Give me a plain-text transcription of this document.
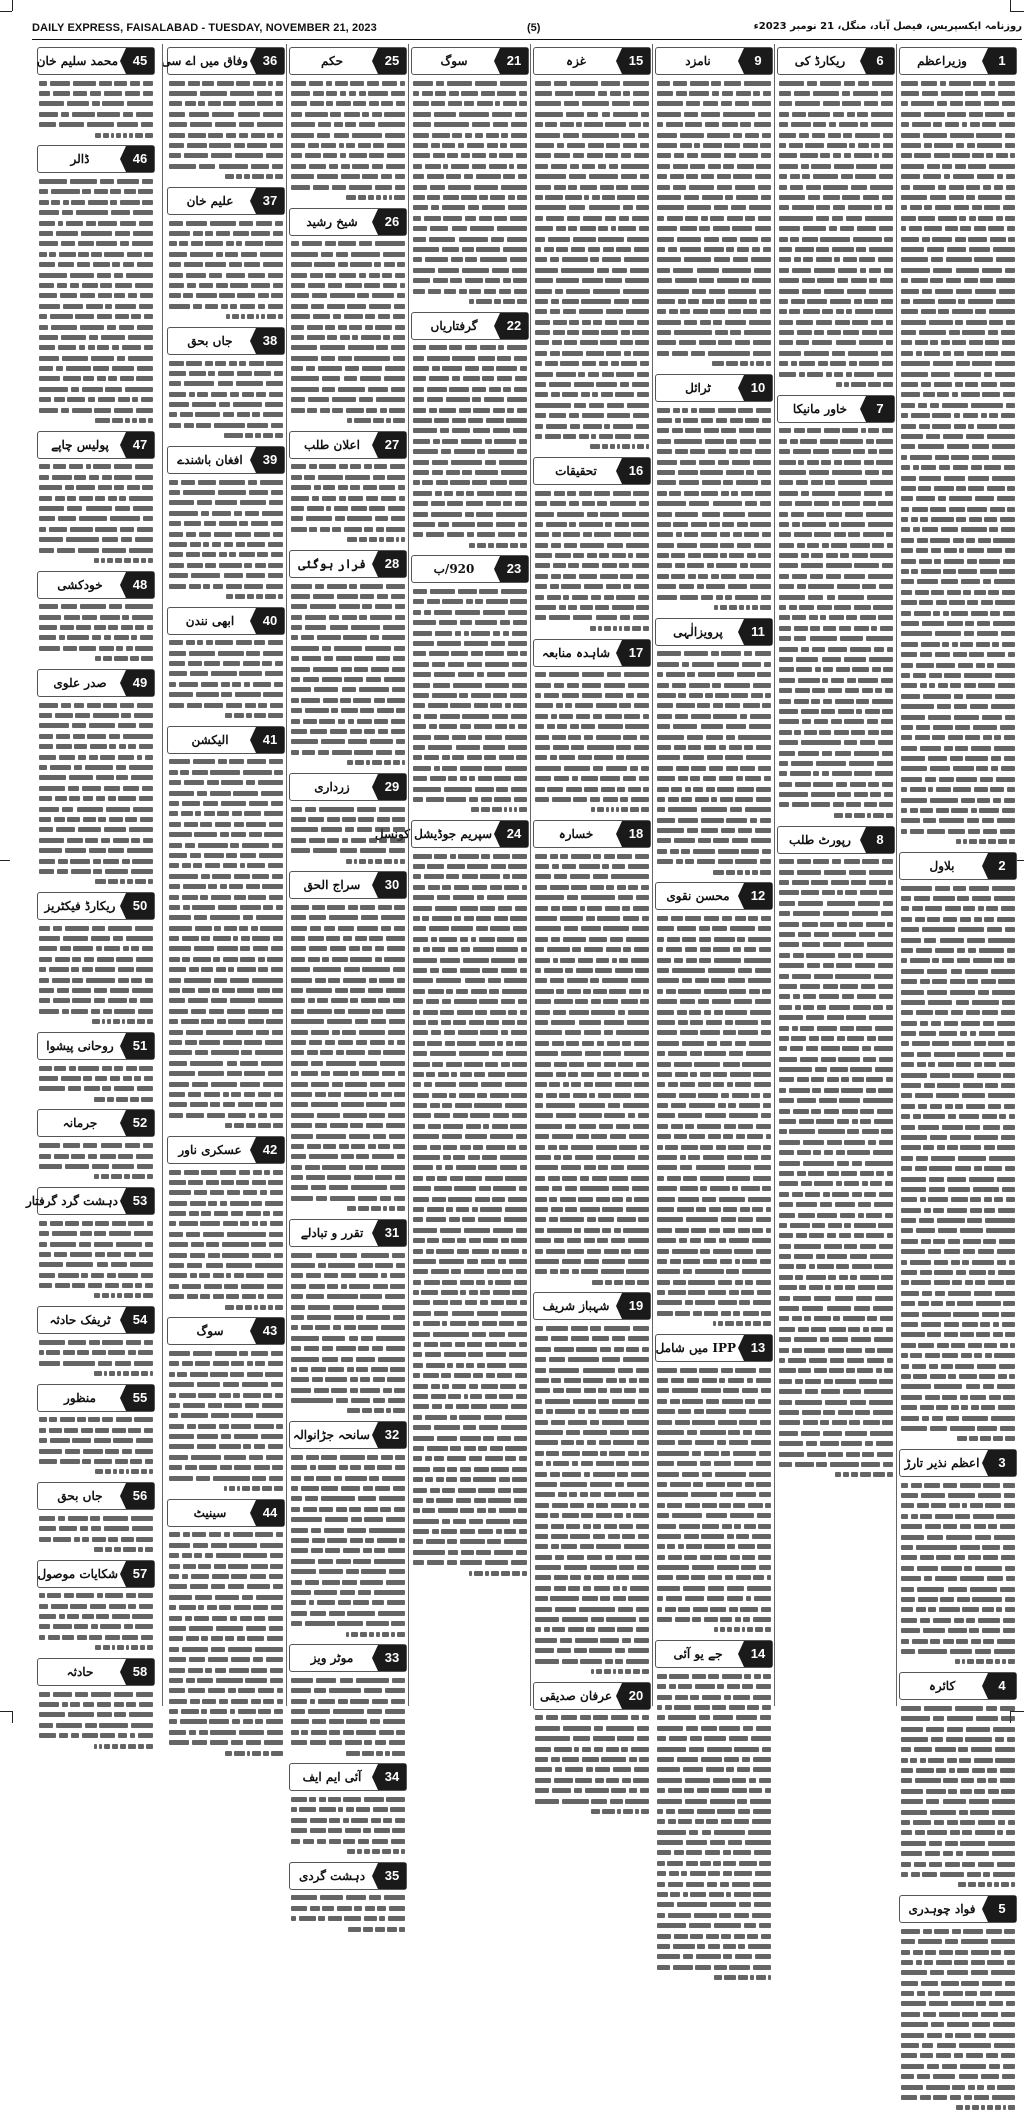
DAILY EXPRESS, FAISALABAD - TUESDAY, NOVEMBER 21, 2023	(5)	روزنامہ ایکسپریس، فیصل آباد، منگل، 21 نومبر 2023ء
1
وزیراعظم
2
بلاول
3
اعظم نذیر تارڑ
4
کائرہ
5
فواد چوہدری
6
ریکارڈ کی
7
خاور مانیکا
8
رپورٹ طلب
9
نامزد
10
ٹرائل
11
پرویزالٰہی
12
محسن نقوی
13
IPP میں شامل
14
جے یو آئی
15
غزہ
16
تحقیقات
17
شاہدہ منابعہ
18
خسارہ
19
شہباز شریف
20
عرفان صدیقی
21
سوگ
22
گرفتاریاں
23
920/ب
24
سپریم جوڈیشل کونسل
25
حکم
26
شیخ رشید
27
اعلان طلب
28
فرار ہوگئی
29
زرداری
30
سراج الحق
31
تقرر و تبادلے
32
سانحہ جڑانوالہ
33
موٹر ویز
34
آئی ایم ایف
35
دہشت گردی
36
وفاق میں اے سی
37
علیم خان
38
جاں بحق
39
افغان باشندے
40
ابھی نندن
41
الیکشن
42
عسکری ناور
43
سوگ
44
سینیٹ
45
محمد سلیم خان
46
ڈالر
47
پولیس چاپے
48
خودکشی
49
صدر علوی
50
ریکارڈ فیکٹریز
51
روحانی پیشوا
52
جرمانہ
53
دہشت گرد گرفتار
54
ٹریفک حادثہ
55
منظور
56
جاں بحق
57
شکایات موصول
58
حادثہ
